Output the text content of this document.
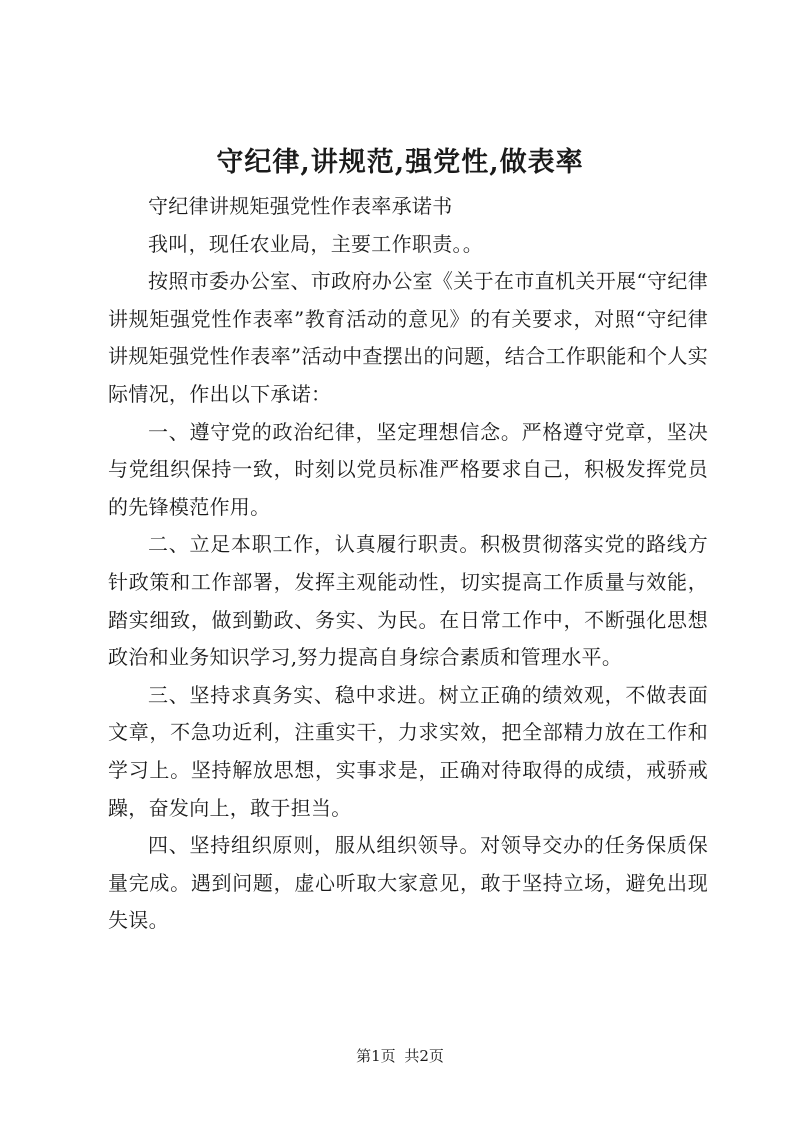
守纪律,讲规范,强党性,做表率

守纪律讲规矩强党性作表率承诺书

我叫，现任农业局，主要工作职责。。

按照市委办公室、市政府办公室《关于在市直机关开展“守纪律讲规矩强党性作表率”教育活动的意见》的有关要求，对照“守纪律讲规矩强党性作表率”活动中查摆出的问题，结合工作职能和个人实际情况，作出以下承诺：

一、遵守党的政治纪律，坚定理想信念。严格遵守党章，坚决与党组织保持一致，时刻以党员标准严格要求自己，积极发挥党员的先锋模范作用。

二、立足本职工作，认真履行职责。积极贯彻落实党的路线方针政策和工作部署，发挥主观能动性，切实提高工作质量与效能，踏实细致，做到勤政、务实、为民。在日常工作中，不断强化思想政治和业务知识学习,努力提高自身综合素质和管理水平。

三、坚持求真务实、稳中求进。树立正确的绩效观，不做表面文章，不急功近利，注重实干，力求实效，把全部精力放在工作和学习上。坚持解放思想，实事求是，正确对待取得的成绩，戒骄戒躁，奋发向上，敢于担当。

四、坚持组织原则，服从组织领导。对领导交办的任务保质保量完成。遇到问题，虚心听取大家意见，敢于坚持立场，避免出现失误。

第1页 共2页
